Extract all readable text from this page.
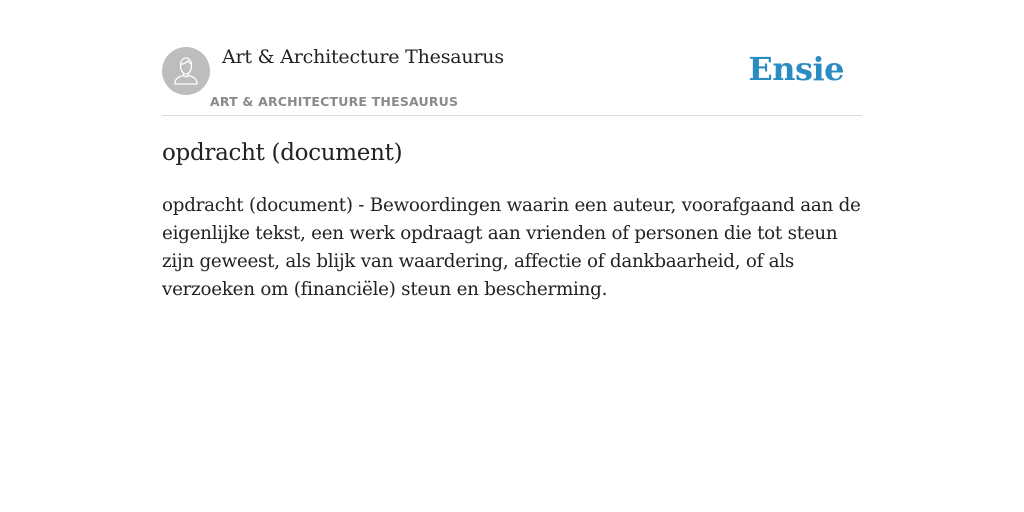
Art & Architecture Thesaurus
ART & ARCHITECTURE THESAURUS
Ensie
opdracht (document)

opdracht (document) - Bewoordingen waarin een auteur, voorafgaand aan de eigenlijke tekst, een werk opdraagt aan vrienden of personen die tot steun zijn geweest, als blijk van waardering, affectie of dankbaarheid, of als verzoeken om (financiële) steun en bescherming.
